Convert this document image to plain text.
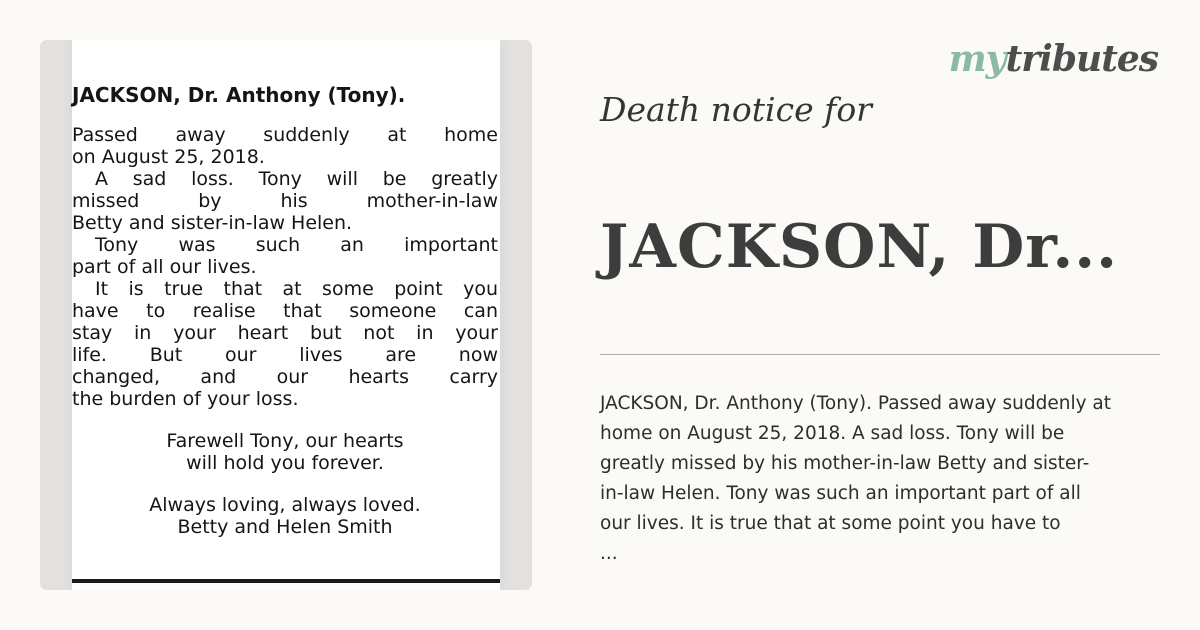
mytributes
JACKSON, Dr. Anthony (Tony).
Passed away suddenly at home
on August 25, 2018.
A sad loss. Tony will be greatly
missed by his mother-in-law
Betty and sister-in-law Helen.
Tony was such an important
part of all our lives.
It is true that at some point you
have to realise that someone can
stay in your heart but not in your
life. But our lives are now
changed, and our hearts carry
the burden of your loss.
Farewell Tony, our hearts
will hold you forever.
Always loving, always loved.
Betty and Helen Smith
Death notice for
JACKSON, Dr...
JACKSON, Dr. Anthony (Tony). Passed away suddenly at
home on August 25, 2018. A sad loss. Tony will be
greatly missed by his mother-in-law Betty and sister-
in-law Helen. Tony was such an important part of all
our lives. It is true that at some point you have to
...
